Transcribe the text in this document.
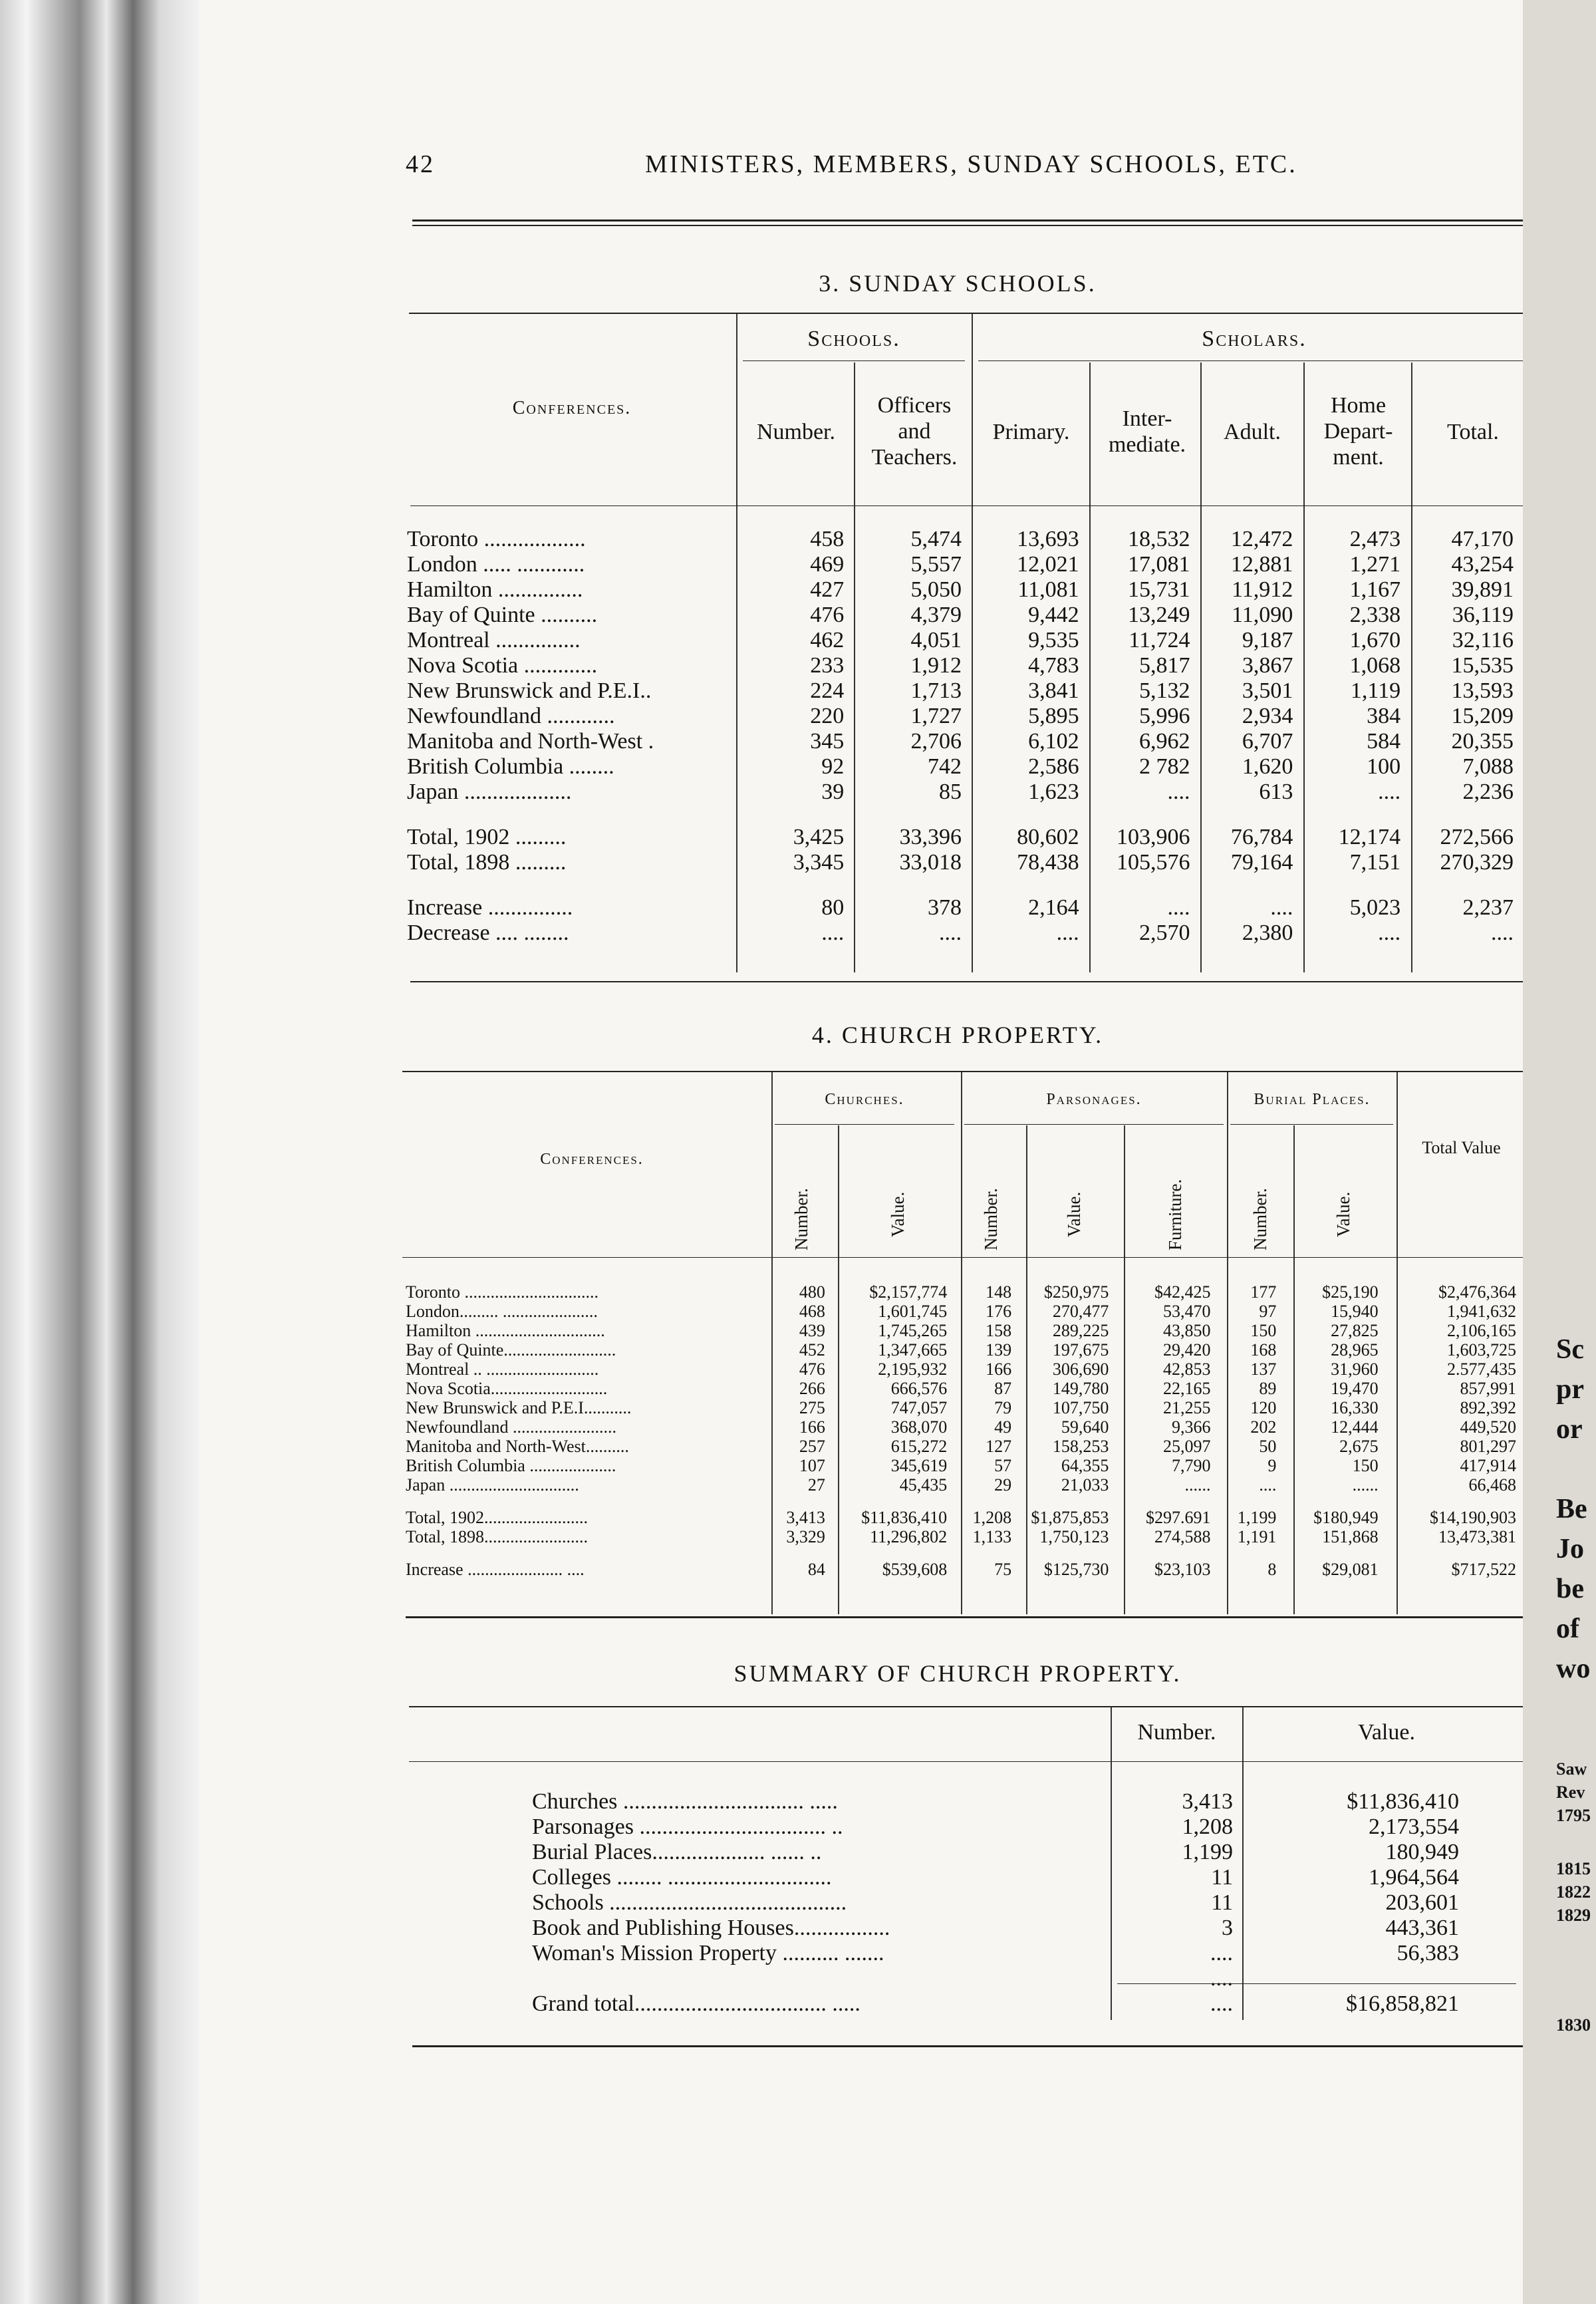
42	MINISTERS, MEMBERS, SUNDAY SCHOOLS, ETC.
3. SUNDAY SCHOOLS.
Schools.	Scholars.
Conferences.
Number.
Officers and Teachers.
Primary.
Inter- mediate.
Adult.
Home Depart- ment.
Total.
Toronto ..................	458	5,474	13,693	18,532	12,472	2,473	47,170
London ..... ............	469	5,557	12,021	17,081	12,881	1,271	43,254
Hamilton ...............	427	5,050	11,081	15,731	11,912	1,167	39,891
Bay of Quinte ..........	476	4,379	9,442	13,249	11,090	2,338	36,119
Montreal ...............	462	4,051	9,535	11,724	9,187	1,670	32,116
Nova Scotia .............	233	1,912	4,783	5,817	3,867	1,068	15,535
New Brunswick and P.E.I..	224	1,713	3,841	5,132	3,501	1,119	13,593
Newfoundland ............	220	1,727	5,895	5,996	2,934	384	15,209
Manitoba and North-West .	345	2,706	6,102	6,962	6,707	584	20,355
British Columbia ........	92	742	2,586	2 782	1,620	100	7,088
Japan ...................	39	85	1,623	....	613	....	2,236

Total, 1902 .........	3,425	33,396	80,602	103,906	76,784	12,174	272,566
Total, 1898 .........	3,345	33,018	78,438	105,576	79,164	7,151	270,329

Increase ...............	80	378	2,164	....	....	5,023	2,237
Decrease .... ........	....	....	....	2,570	2,380	....	....
4. CHURCH PROPERTY.
Churches.	Parsonages.	Burial Places.
Conferences.
Total Value
Number.	Value.	Number.	Value.	Furniture.	Number.	Value.
Toronto ...............................	480	$2,157,774	148	$250,975	$42,425	177	$25,190	$2,476,364
London......... ......................	468	1,601,745	176	270,477	53,470	97	15,940	1,941,632
Hamilton ..............................	439	1,745,265	158	289,225	43,850	150	27,825	2,106,165
Bay of Quinte..........................	452	1,347,665	139	197,675	29,420	168	28,965	1,603,725
Montreal .. ..........................	476	2,195,932	166	306,690	42,853	137	31,960	2.577,435
Nova Scotia...........................	266	666,576	87	149,780	22,165	89	19,470	857,991
New Brunswick and P.E.I...........	275	747,057	79	107,750	21,255	120	16,330	892,392
Newfoundland ........................	166	368,070	49	59,640	9,366	202	12,444	449,520
Manitoba and North-West..........	257	615,272	127	158,253	25,097	50	2,675	801,297
British Columbia ....................	107	345,619	57	64,355	7,790	9	150	417,914
Japan ..............................	27	45,435	29	21,033	......	....	......	66,468

Total, 1902........................	3,413	$11,836,410	1,208	$1,875,853	$297.691	1,199	$180,949	$14,190,903
Total, 1898........................	3,329	11,296,802	1,133	1,750,123	274,588	1,191	151,868	13,473,381

Increase ...................... ....	84	$539,608	75	$125,730	$23,103	8	$29,081	$717,522
SUMMARY OF CHURCH PROPERTY.
Number.	Value.
Churches ................................ .....	3,413	$11,836,410
Parsonages ................................. ..	1,208	2,173,554
Burial Places.................... ...... ..	1,199	180,949
Colleges ........ .............................	11	1,964,564
Schools ..........................................	11	203,601
Book and Publishing Houses.................	3	443,361
Woman's Mission Property .......... .......	....	56,383
	....	
Grand total.................................. .....	....	$16,858,821
Sc
pr
or
Be
Jo
be
of
wo
Saw
Rev
1795
1815
1822
1829
1830
